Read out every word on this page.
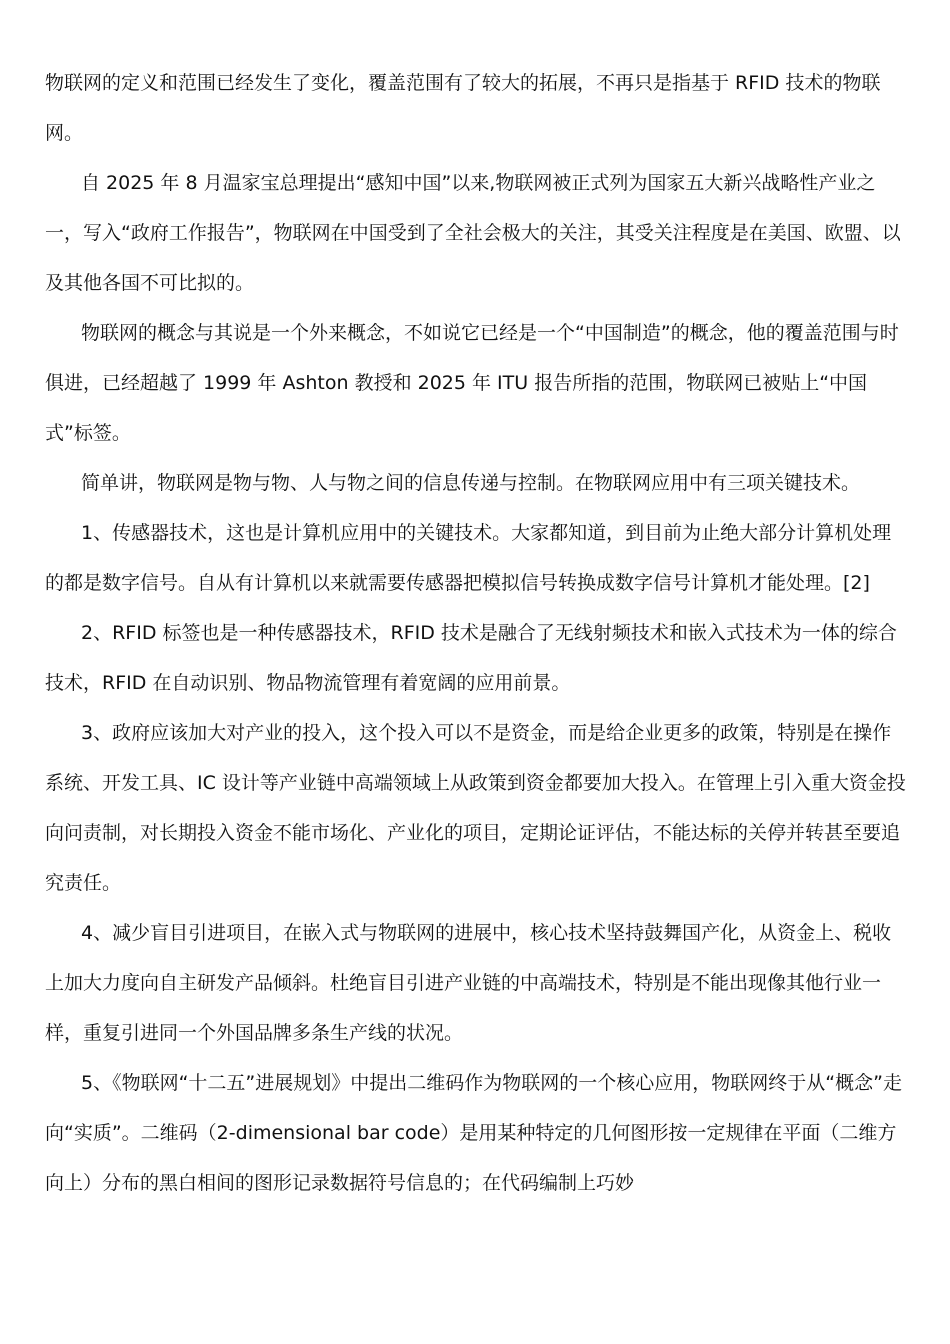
物联网的定义和范围已经发生了变化，覆盖范围有了较大的拓展，不再只是指基于 RFID 技术的物联网。

自 2025 年 8 月温家宝总理提出“感知中国”以来,物联网被正式列为国家五大新兴战略性产业之一，写入“政府工作报告”，物联网在中国受到了全社会极大的关注，其受关注程度是在美国、欧盟、以及其他各国不可比拟的。

物联网的概念与其说是一个外来概念，不如说它已经是一个“中国制造”的概念，他的覆盖范围与时俱进，已经超越了 1999 年 Ashton 教授和 2025 年 ITU 报告所指的范围，物联网已被贴上“中国式”标签。

简单讲，物联网是物与物、人与物之间的信息传递与控制。在物联网应用中有三项关键技术。

1、传感器技术，这也是计算机应用中的关键技术。大家都知道，到目前为止绝大部分计算机处理的都是数字信号。自从有计算机以来就需要传感器把模拟信号转换成数字信号计算机才能处理。[2]

2、RFID 标签也是一种传感器技术，RFID 技术是融合了无线射频技术和嵌入式技术为一体的综合技术，RFID 在自动识别、物品物流管理有着宽阔的应用前景。

3、政府应该加大对产业的投入，这个投入可以不是资金，而是给企业更多的政策，特别是在操作系统、开发工具、IC 设计等产业链中高端领域上从政策到资金都要加大投入。在管理上引入重大资金投向问责制，对长期投入资金不能市场化、产业化的项目，定期论证评估，不能达标的关停并转甚至要追究责任。

4、减少盲目引进项目，在嵌入式与物联网的进展中，核心技术坚持鼓舞国产化，从资金上、税收上加大力度向自主研发产品倾斜。杜绝盲目引进产业链的中高端技术，特别是不能出现像其他行业一样，重复引进同一个外国品牌多条生产线的状况。

5、《物联网“十二五”进展规划》中提出二维码作为物联网的一个核心应用，物联网终于从“概念”走向“实质”。二维码（2-dimensional bar code）是用某种特定的几何图形按一定规律在平面（二维方向上）分布的黑白相间的图形记录数据符号信息的；在代码编制上巧妙
